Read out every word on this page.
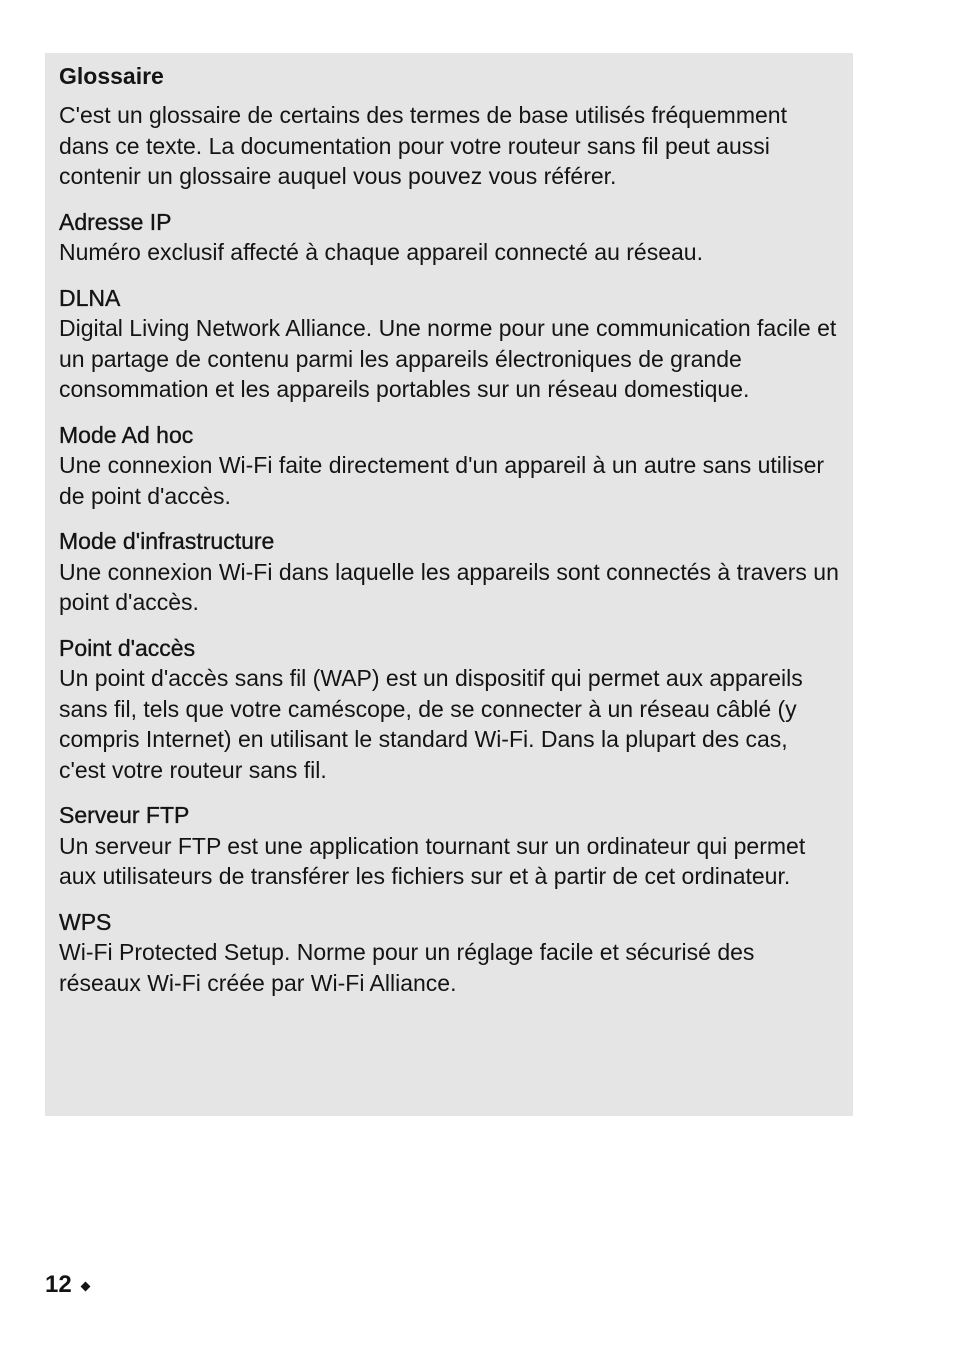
Glossaire
C'est un glossaire de certains des termes de base utilisés fréquemment dans ce texte. La documentation pour votre routeur sans fil peut aussi contenir un glossaire auquel vous pouvez vous référer.
Adresse IP
Numéro exclusif affecté à chaque appareil connecté au réseau.
DLNA
Digital Living Network Alliance. Une norme pour une communication facile et un partage de contenu parmi les appareils électroniques de grande consommation et les appareils portables sur un réseau domestique.
Mode Ad hoc
Une connexion Wi-Fi faite directement d'un appareil à un autre sans utiliser de point d'accès.
Mode d'infrastructure
Une connexion Wi-Fi dans laquelle les appareils sont connectés à travers un point d'accès.
Point d'accès
Un point d'accès sans fil (WAP) est un dispositif qui permet aux appareils sans fil, tels que votre caméscope, de se connecter à un réseau câblé (y compris Internet) en utilisant le standard Wi-Fi. Dans la plupart des cas, c'est votre routeur sans fil.
Serveur FTP
Un serveur FTP est une application tournant sur un ordinateur qui permet aux utilisateurs de transférer les fichiers sur et à partir de cet ordinateur.
WPS
Wi-Fi Protected Setup. Norme pour un réglage facile et sécurisé des réseaux Wi-Fi créée par Wi-Fi Alliance.
12
